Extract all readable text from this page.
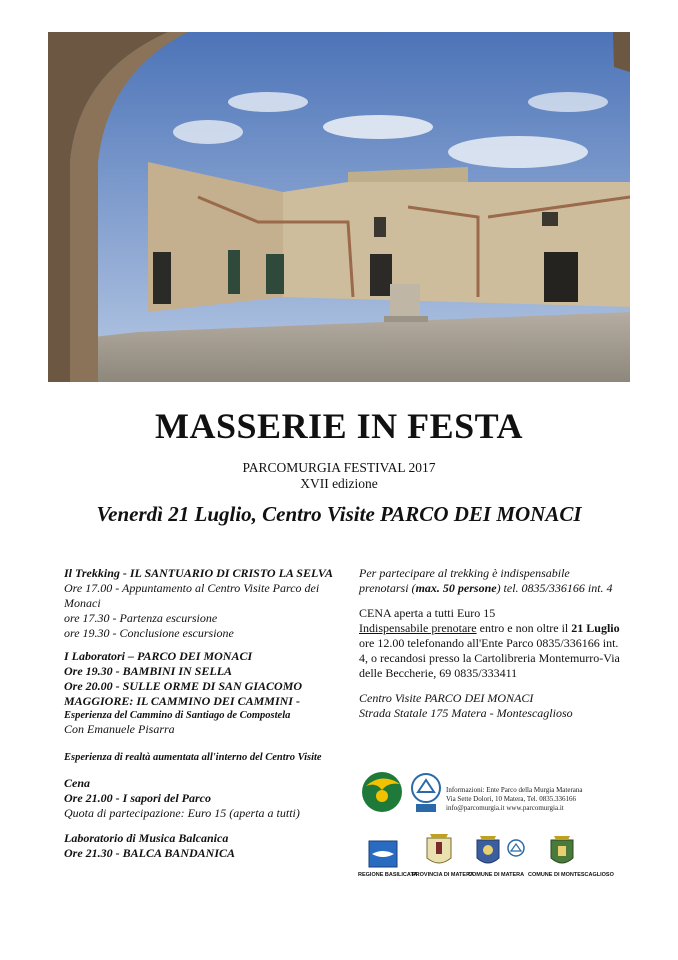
MASSERIE IN FESTA
PARCOMURGIA FESTIVAL 2017
XVII edizione
Venerdì 21 Luglio, Centro Visite PARCO DEI MONACI
Il Trekking - IL SANTUARIO DI CRISTO LA SELVA
Ore 17.00 - Appuntamento al Centro Visite Parco dei Monaci
ore 17.30 - Partenza escursione
ore 19.30 - Conclusione escursione
I Laboratori – PARCO DEI MONACI
Ore 19.30 - BAMBINI IN SELLA
Ore 20.00 - SULLE ORME DI SAN GIACOMO MAGGIORE: IL CAMMINO DEI CAMMINI -
Esperienza del Cammino di Santiago de Compostela
Con Emanuele Pisarra
Esperienza di realtà aumentata all'interno del Centro Visite
Cena
Ore 21.00 - I sapori del Parco
Quota di partecipazione: Euro 15 (aperta a tutti)
Laboratorio di Musica Balcanica
Ore 21.30 - BALCA BANDANICA
Per partecipare al trekking è indispensabile prenotarsi (max. 50 persone) tel. 0835/336166 int. 4
CENA aperta a tutti Euro 15
Indispensabile prenotare entro e non oltre il 21 Luglio ore 12.00 telefonando all'Ente Parco 0835/336166 int. 4, o recandosi presso la Cartolibreria Montemurro-Via delle Beccherie, 69 0835/333411
Centro Visite PARCO DEI MONACI
Strada Statale 175 Matera - Montescaglioso
Informazioni: Ente Parco della Murgia Materana
Via Sette Dolori, 10 Matera, Tel. 0835.336166
info@parcomurgia.it www.parcomurgia.it
REGIONE BASILICATA
PROVINCIA DI MATERA
COMUNE DI MATERA COMUNE DI MONTESCAGLIOSO
